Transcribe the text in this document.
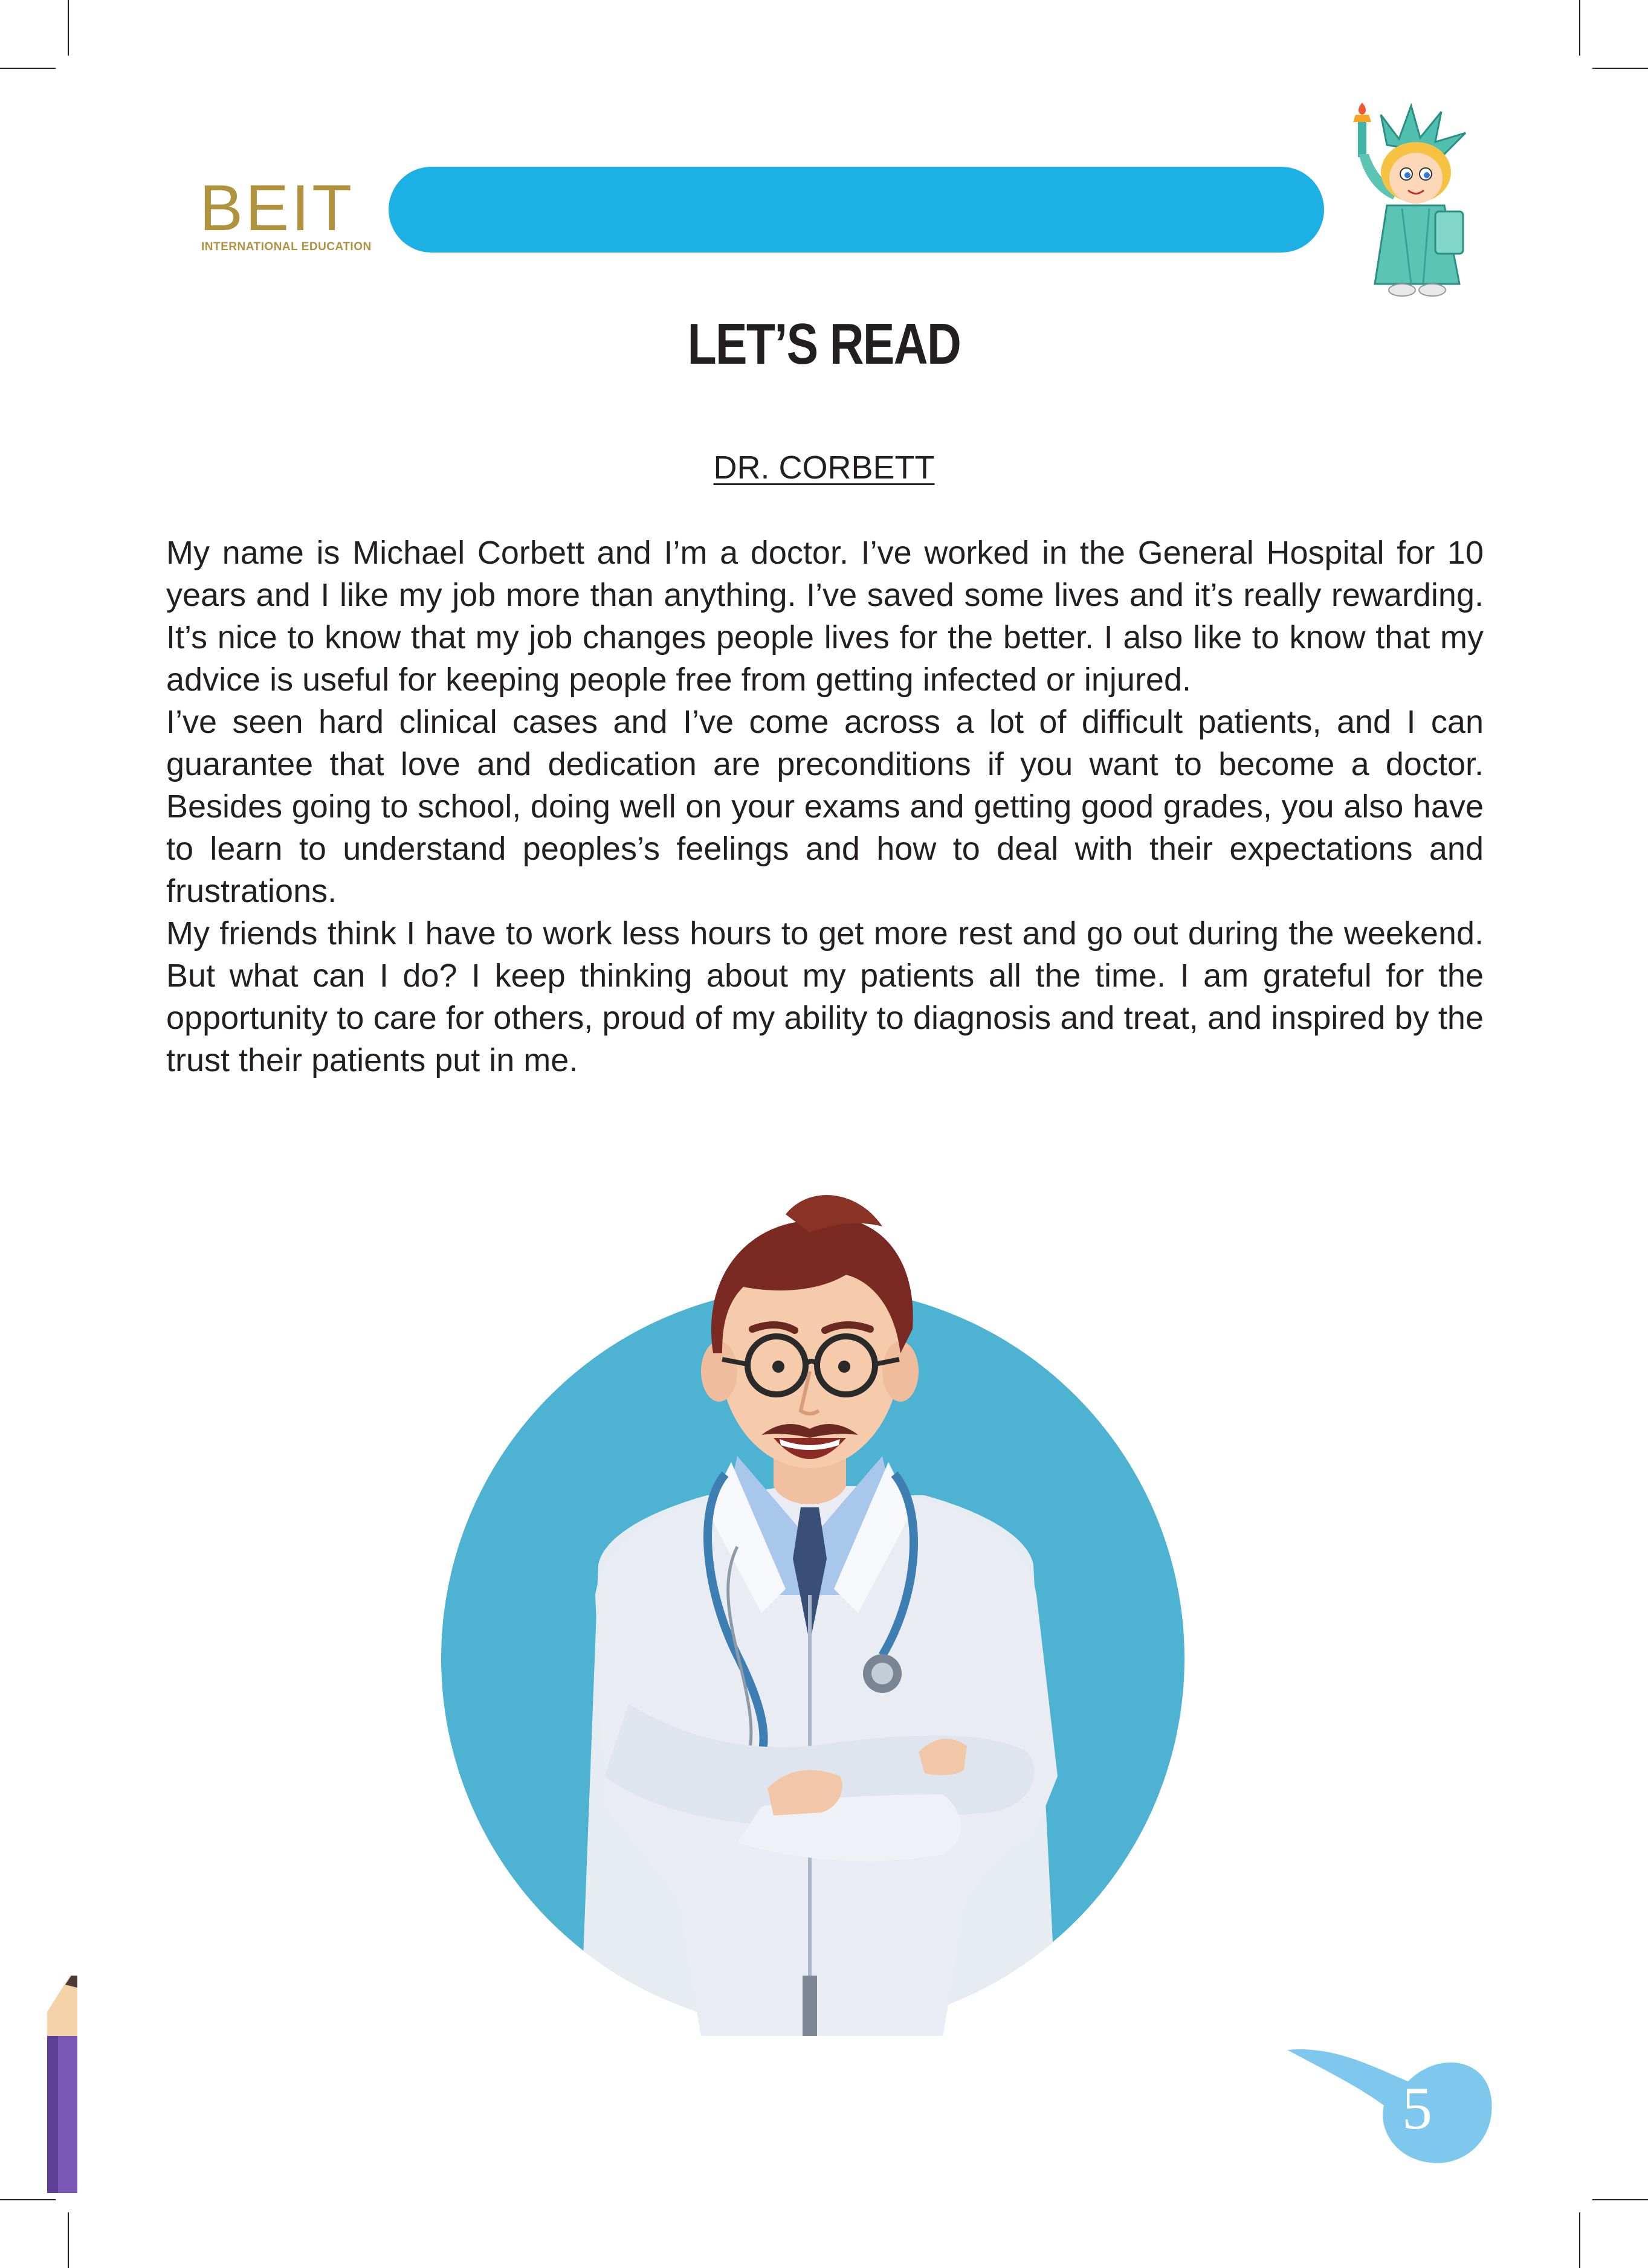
BEIT
INTERNATIONAL EDUCATION
LET’S READ
DR. CORBETT

My name is Michael Corbett and I’m a doctor. I’ve worked in the General Hospital for 10 years and I like my job more than anything. I’ve saved some lives and it’s really rewarding. It’s nice to know that my job changes people lives for the better. I also like to know that my advice is useful for keeping people free from getting infected or injured.

I’ve seen hard clinical cases and I’ve come across a lot of difficult patients, and I can guarantee that love and dedication are preconditions if you want to become a doctor. Besides going to school, doing well on your exams and getting good grades, you also have to learn to understand peoples’s feelings and how to deal with their expectations and frustrations.

My friends think I have to work less hours to get more rest and go out during the weekend. But what can I do? I keep thinking about my patients all the time. I am grateful for the opportunity to care for others, proud of my ability to diagnosis and treat, and inspired by the trust their patients put in me.

5
